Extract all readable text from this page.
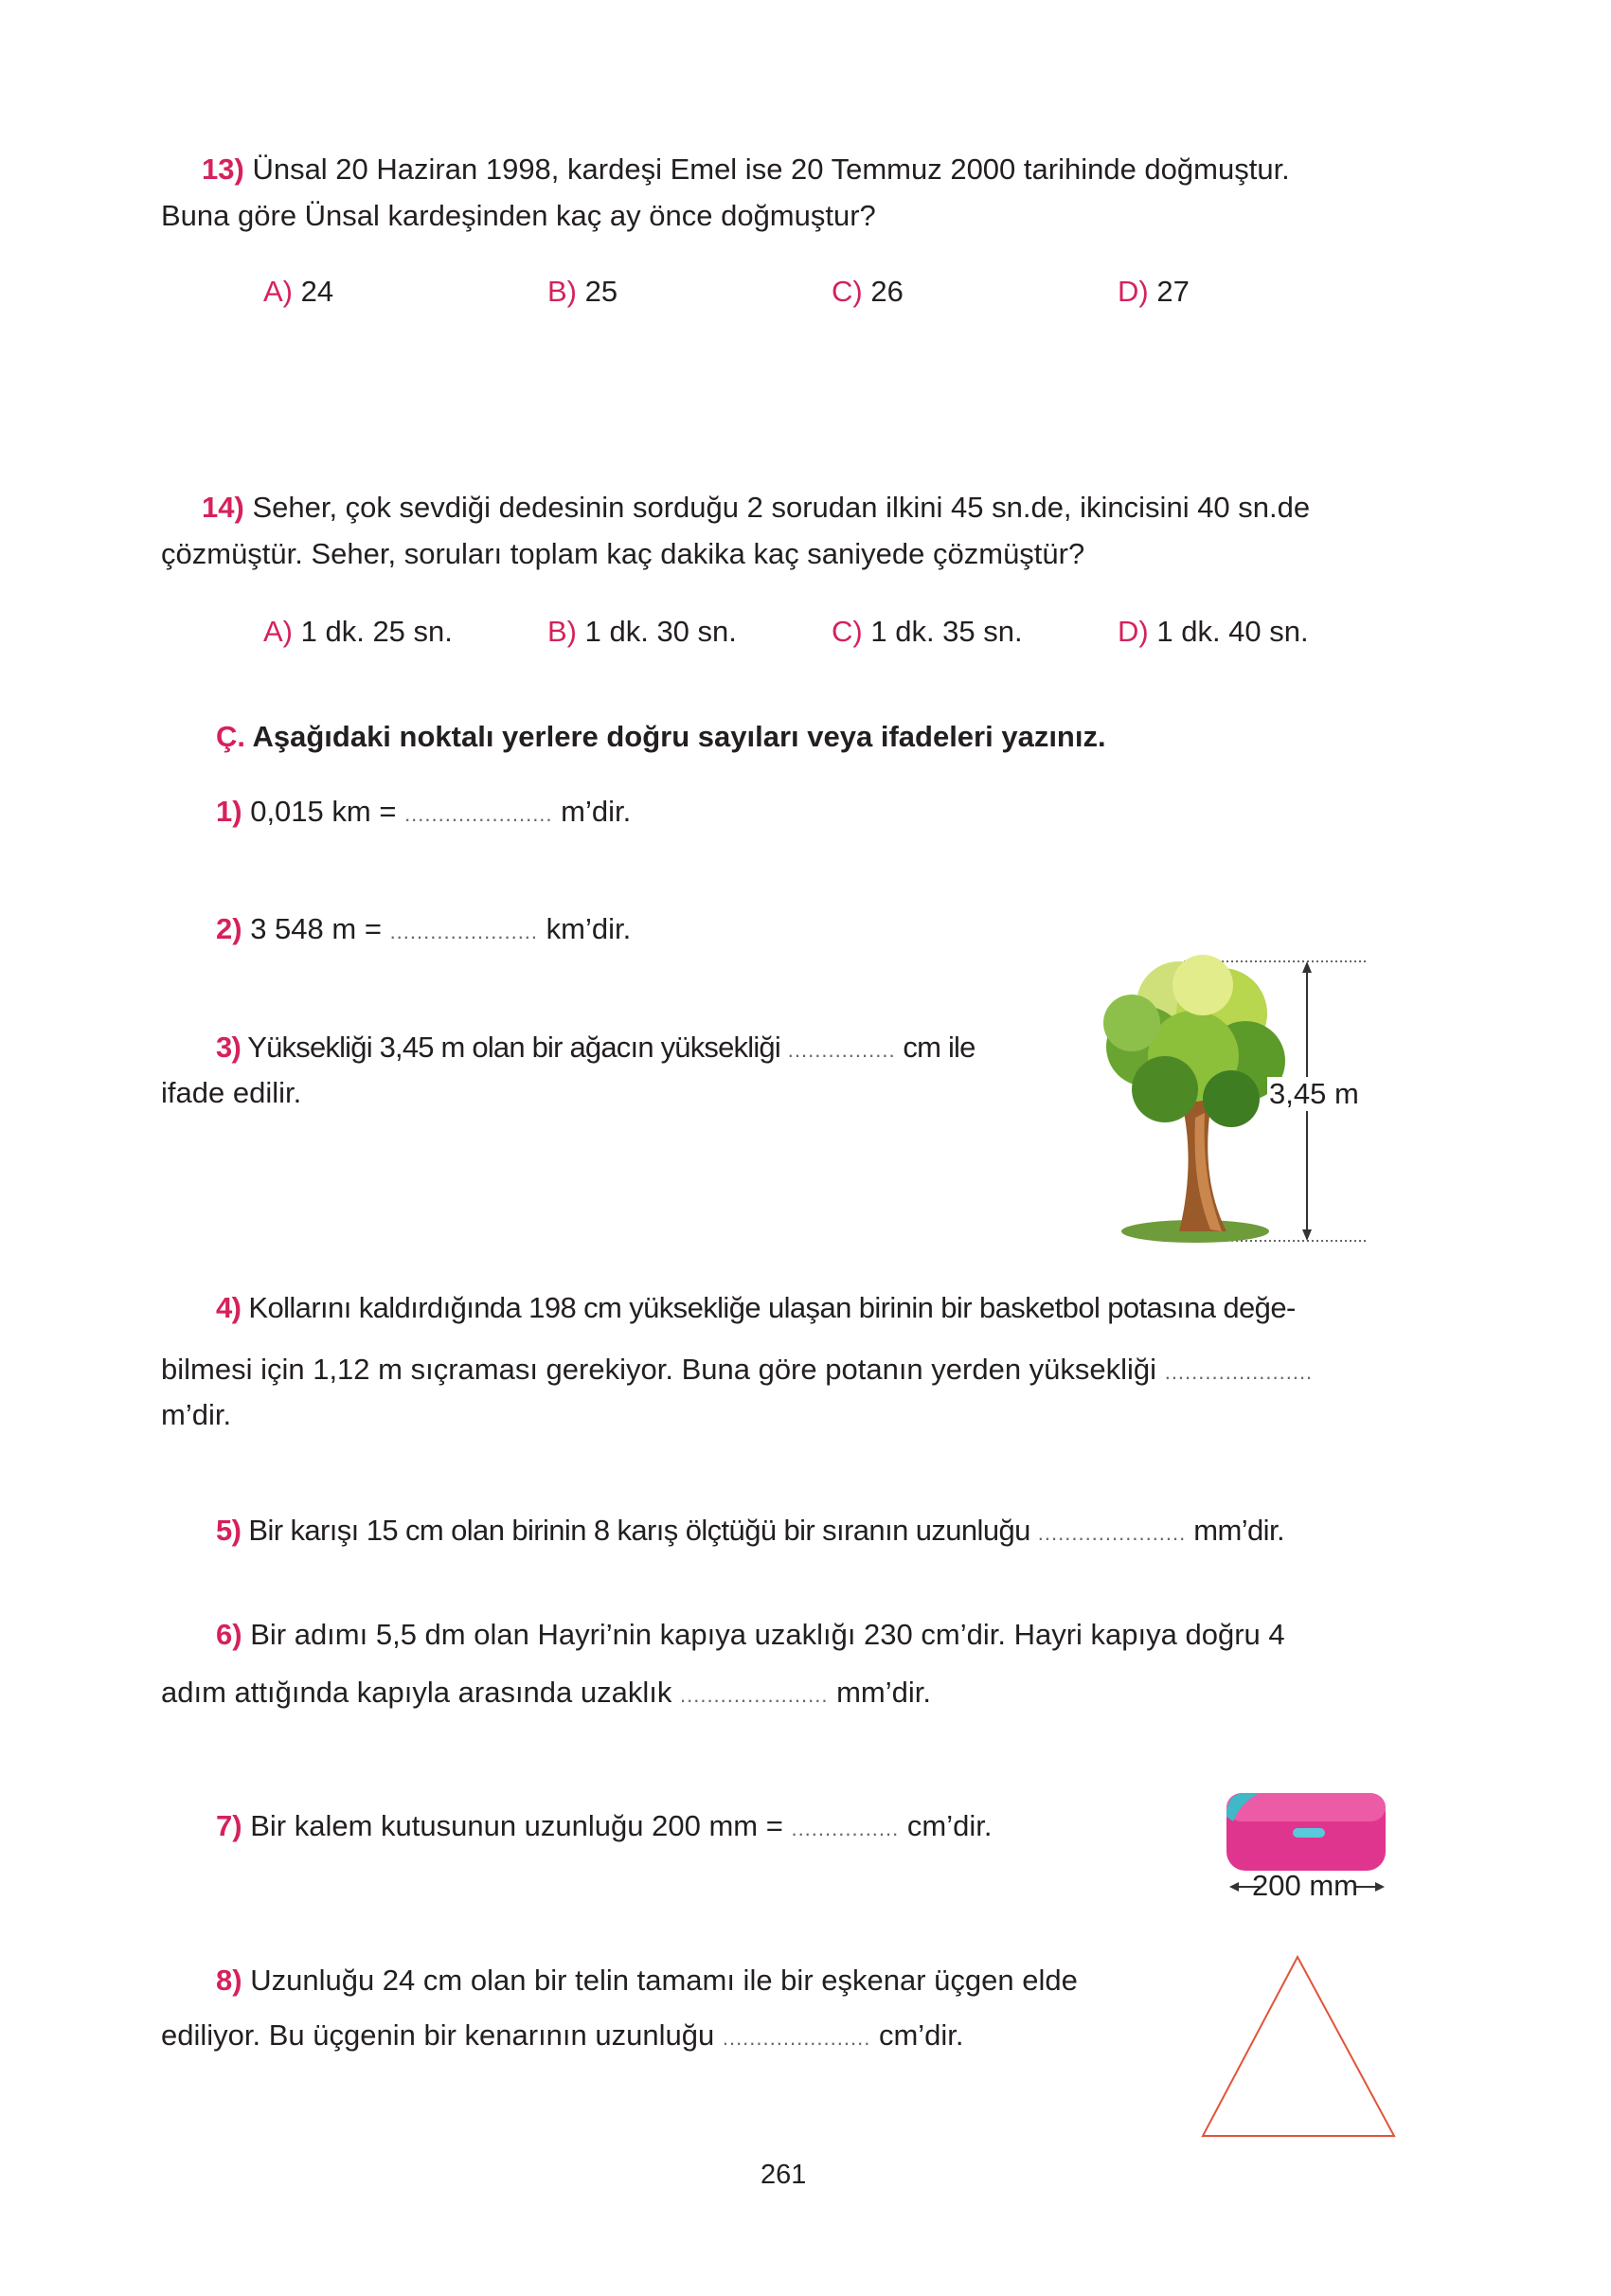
13) Ünsal 20 Haziran 1998, kardeşi Emel ise 20 Temmuz 2000 tarihinde doğmuştur.
Buna göre Ünsal kardeşinden kaç ay önce doğmuştur?
A) 24	B) 25	C) 26	D) 27
14) Seher, çok sevdiği dedesinin sorduğu 2 sorudan ilkini 45 sn.de, ikincisini 40 sn.de
çözmüştür. Seher, soruları toplam kaç dakika kaç saniyede çözmüştür?
A) 1 dk. 25 sn.	B) 1 dk. 30 sn.	C) 1 dk. 35 sn.	D) 1 dk. 40 sn.
Ç. Aşağıdaki noktalı yerlere doğru sayıları veya ifadeleri yazınız.
1) 0,015 km = ...................... m’dir.
2) 3 548 m = ...................... km’dir.
3) Yüksekliği 3,45 m olan bir ağacın yüksekliği ................ cm ile
ifade edilir.	3,45 m
4) Kollarını kaldırdığında 198 cm yüksekliğe ulaşan birinin bir basketbol potasına değe-
bilmesi için 1,12 m sıçraması gerekiyor. Buna göre potanın yerden yüksekliği ......................
m’dir.
5) Bir karışı 15 cm olan birinin 8 karış ölçtüğü bir sıranın uzunluğu ...................... mm’dir.
6) Bir adımı 5,5 dm olan Hayri’nin kapıya uzaklığı 230 cm’dir. Hayri kapıya doğru 4
adım attığında kapıyla arasında uzaklık ...................... mm’dir.
7) Bir kalem kutusunun uzunluğu 200 mm = ................ cm’dir.
200 mm
8) Uzunluğu 24 cm olan bir telin tamamı ile bir eşkenar üçgen elde
ediliyor. Bu üçgenin bir kenarının uzunluğu ...................... cm’dir.
261
